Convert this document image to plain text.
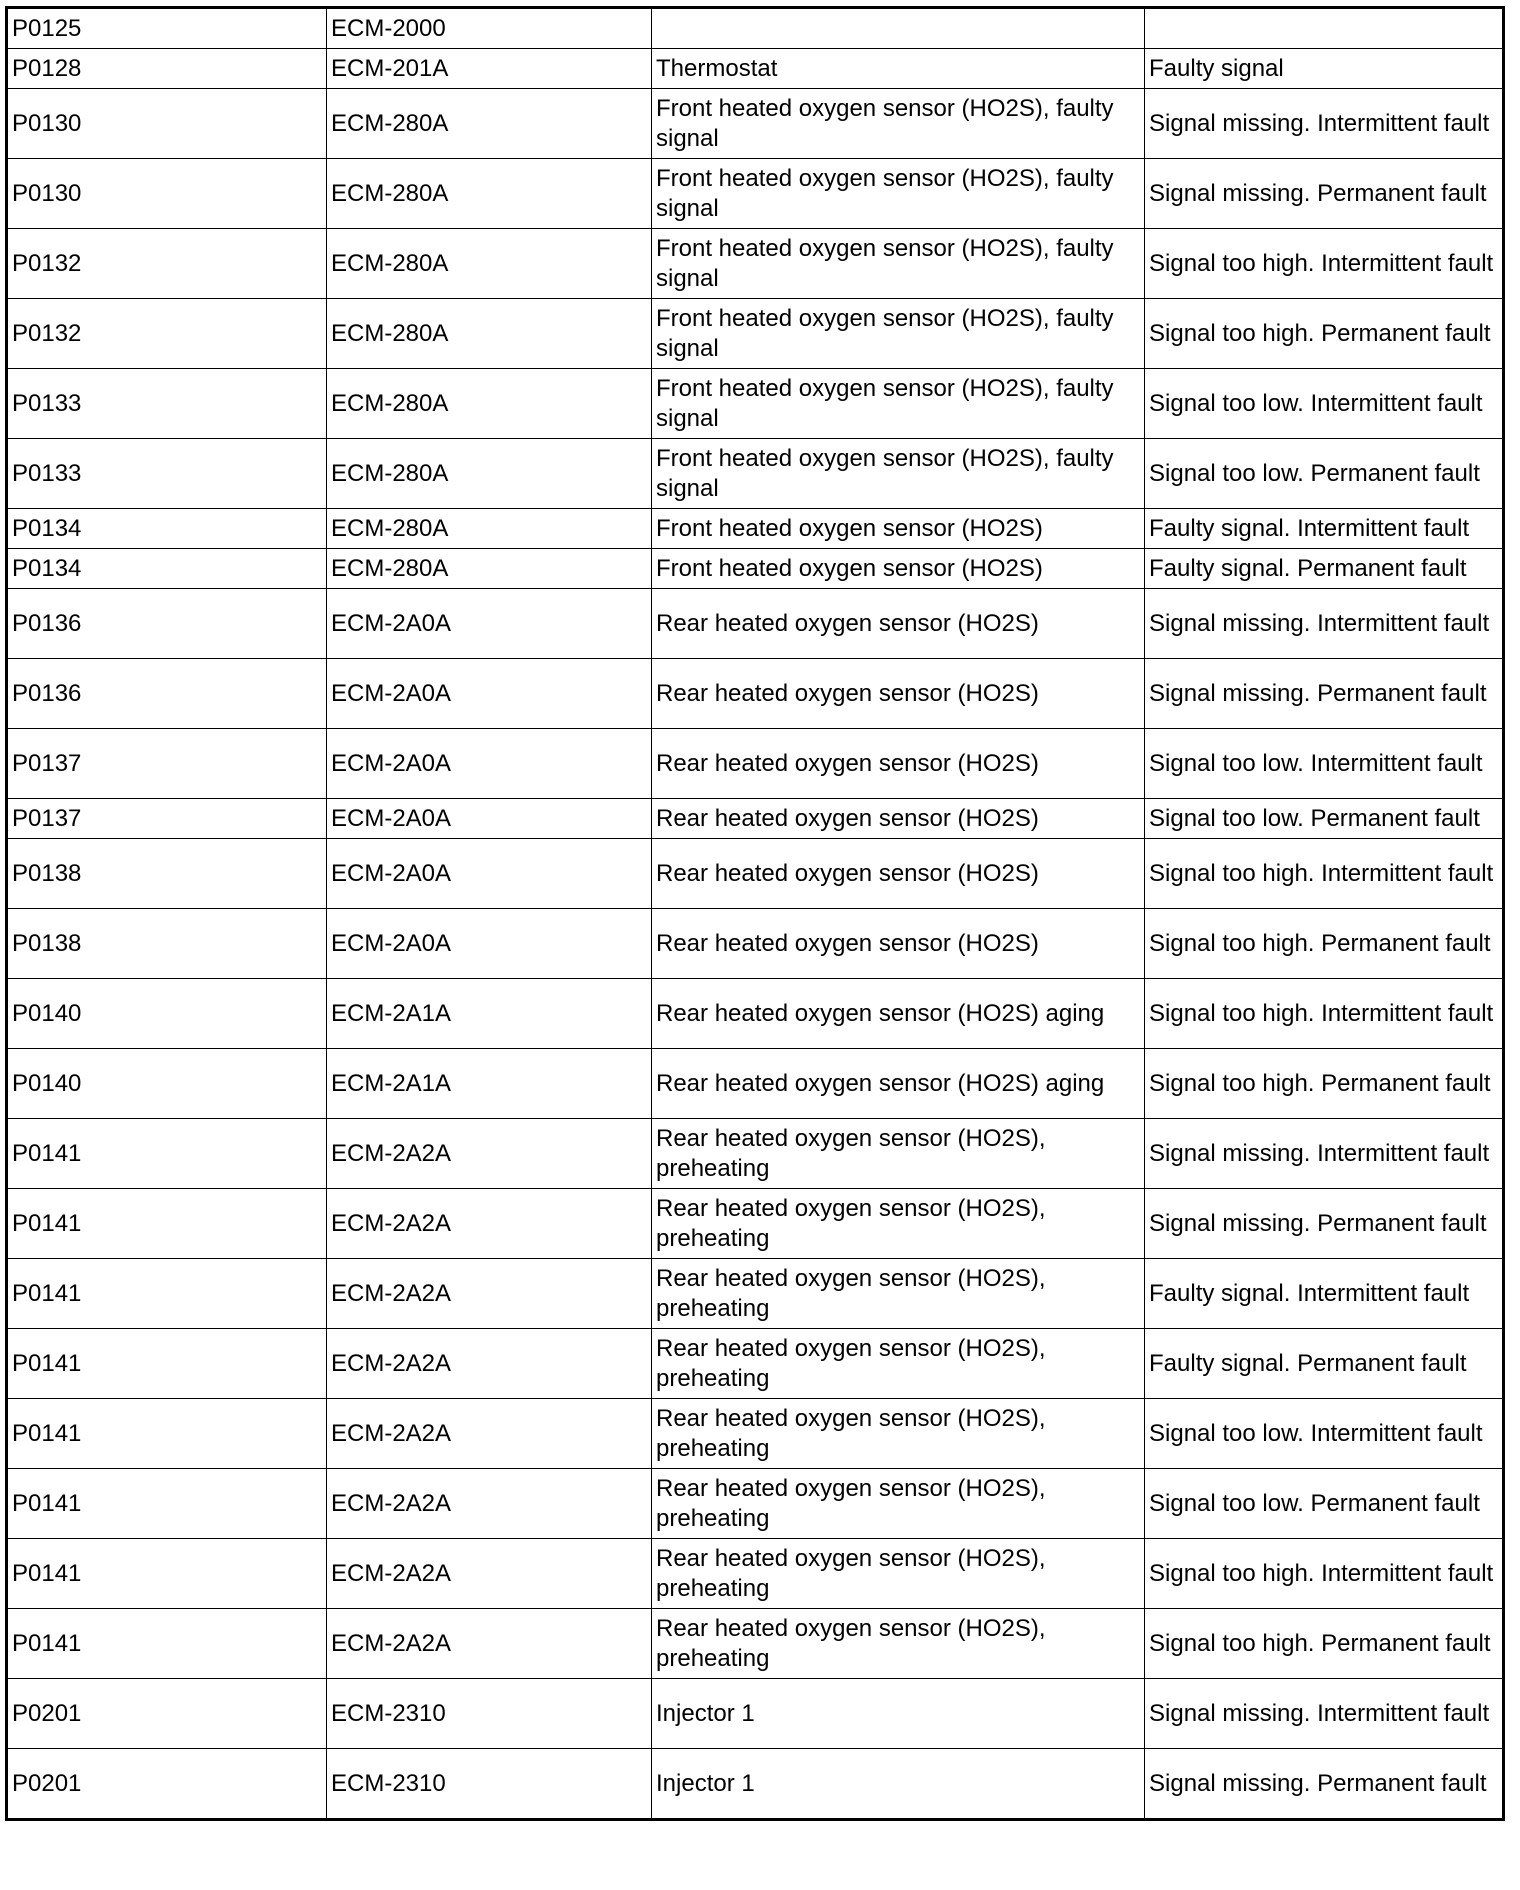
P0125	ECM-2000		
P0128	ECM-201A	Thermostat	Faulty signal
P0130	ECM-280A	Front heated oxygen sensor (HO2S), faulty signal	Signal missing. Intermittent fault
P0130	ECM-280A	Front heated oxygen sensor (HO2S), faulty signal	Signal missing. Permanent fault
P0132	ECM-280A	Front heated oxygen sensor (HO2S), faulty signal	Signal too high. Intermittent fault
P0132	ECM-280A	Front heated oxygen sensor (HO2S), faulty signal	Signal too high. Permanent fault
P0133	ECM-280A	Front heated oxygen sensor (HO2S), faulty signal	Signal too low. Intermittent fault
P0133	ECM-280A	Front heated oxygen sensor (HO2S), faulty signal	Signal too low. Permanent fault
P0134	ECM-280A	Front heated oxygen sensor (HO2S)	Faulty signal. Intermittent fault
P0134	ECM-280A	Front heated oxygen sensor (HO2S)	Faulty signal. Permanent fault
P0136	ECM-2A0A	Rear heated oxygen sensor (HO2S)	Signal missing. Intermittent fault
P0136	ECM-2A0A	Rear heated oxygen sensor (HO2S)	Signal missing. Permanent fault
P0137	ECM-2A0A	Rear heated oxygen sensor (HO2S)	Signal too low. Intermittent fault
P0137	ECM-2A0A	Rear heated oxygen sensor (HO2S)	Signal too low. Permanent fault
P0138	ECM-2A0A	Rear heated oxygen sensor (HO2S)	Signal too high. Intermittent fault
P0138	ECM-2A0A	Rear heated oxygen sensor (HO2S)	Signal too high. Permanent fault
P0140	ECM-2A1A	Rear heated oxygen sensor (HO2S) aging	Signal too high. Intermittent fault
P0140	ECM-2A1A	Rear heated oxygen sensor (HO2S) aging	Signal too high. Permanent fault
P0141	ECM-2A2A	Rear heated oxygen sensor (HO2S), preheating	Signal missing. Intermittent fault
P0141	ECM-2A2A	Rear heated oxygen sensor (HO2S), preheating	Signal missing. Permanent fault
P0141	ECM-2A2A	Rear heated oxygen sensor (HO2S), preheating	Faulty signal. Intermittent fault
P0141	ECM-2A2A	Rear heated oxygen sensor (HO2S), preheating	Faulty signal. Permanent fault
P0141	ECM-2A2A	Rear heated oxygen sensor (HO2S), preheating	Signal too low. Intermittent fault
P0141	ECM-2A2A	Rear heated oxygen sensor (HO2S), preheating	Signal too low. Permanent fault
P0141	ECM-2A2A	Rear heated oxygen sensor (HO2S), preheating	Signal too high. Intermittent fault
P0141	ECM-2A2A	Rear heated oxygen sensor (HO2S), preheating	Signal too high. Permanent fault
P0201	ECM-2310	Injector 1	Signal missing. Intermittent fault
P0201	ECM-2310	Injector 1	Signal missing. Permanent fault
